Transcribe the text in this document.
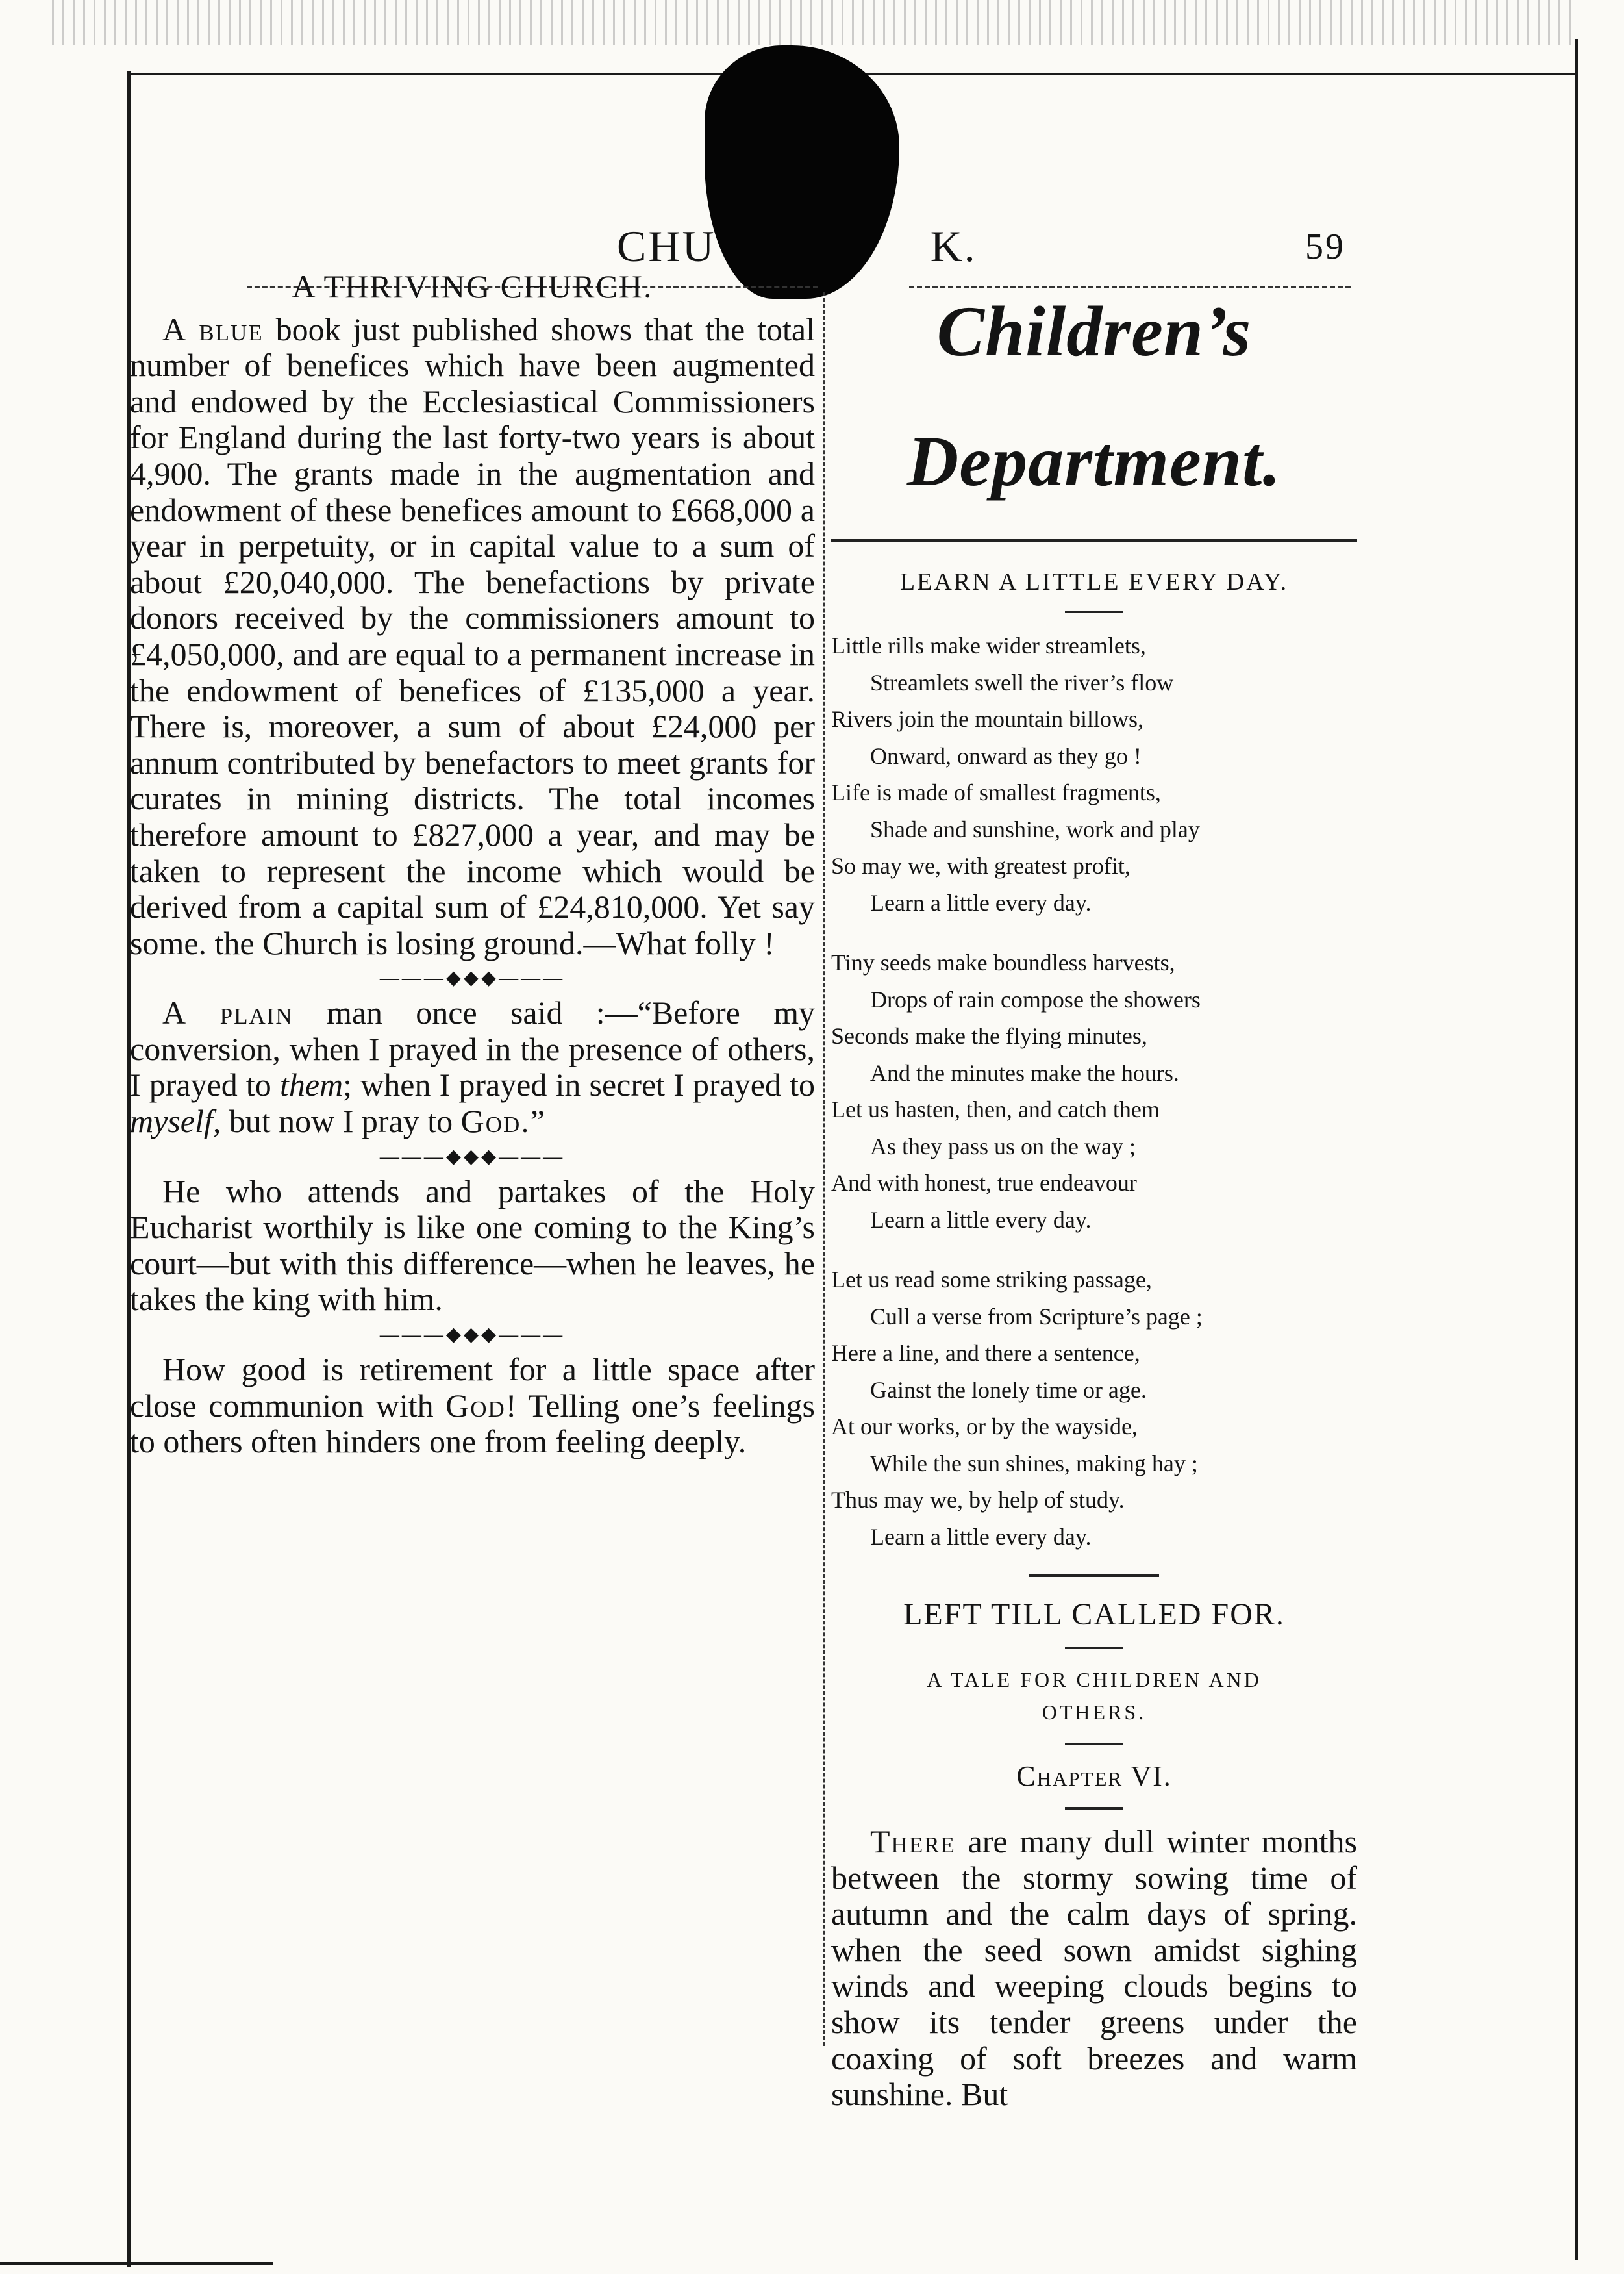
CHU	K.	59
A THRIVING CHURCH.

A blue book just published shows that the total number of benefices which have been augmented and endowed by the Ecclesiastical Commissioners for England during the last forty-two years is about 4,900. The grants made in the augmentation and endowment of these benefices amount to £668,000 a year in perpetuity, or in capital value to a sum of about £20,040,000. The benefactions by private donors received by the commissioners amount to £4,050,000, and are equal to a permanent increase in the endowment of benefices of £135,000 a year. There is, moreover, a sum of about £24,000 per annum contributed by benefactors to meet grants for curates in mining districts. The total incomes therefore amount to £827,000 a year, and may be taken to represent the income which would be derived from a capital sum of £24,810,000. Yet say some. the Church is losing ground.—What folly !

———◆◆◆———

A plain man once said :—“Before my conversion, when I prayed in the presence of others, I prayed to them; when I prayed in secret I prayed to myself, but now I pray to God.”

———◆◆◆———

He who attends and partakes of the Holy Eucharist worthily is like one coming to the King’s court—but with this difference—when he leaves, he takes the king with him.

———◆◆◆———

How good is retirement for a little space after close communion with God! Telling one’s feelings to others often hinders one from feeling deeply.

Children’s Department.
LEARN A LITTLE EVERY DAY.
Little rills make wider streamlets,
Streamlets swell the river’s flow
Rivers join the mountain billows,
Onward, onward as they go !
Life is made of smallest fragments,
Shade and sunshine, work and play
So may we, with greatest profit,
Learn a little every day.
Tiny seeds make boundless harvests,
Drops of rain compose the showers
Seconds make the flying minutes,
And the minutes make the hours.
Let us hasten, then, and catch them
As they pass us on the way ;
And with honest, true endeavour
Learn a little every day.
Let us read some striking passage,
Cull a verse from Scripture’s page ;
Here a line, and there a sentence,
Gainst the lonely time or age.
At our works, or by the wayside,
While the sun shines, making hay ;
Thus may we, by help of study.
Learn a little every day.
LEFT TILL CALLED FOR.
A TALE FOR CHILDREN AND
OTHERS.
Chapter VI.

There are many dull winter months between the stormy sowing time of autumn and the calm days of spring. when the seed sown amidst sighing winds and weeping clouds begins to show its tender greens under the coaxing of soft breezes and warm sunshine. But
